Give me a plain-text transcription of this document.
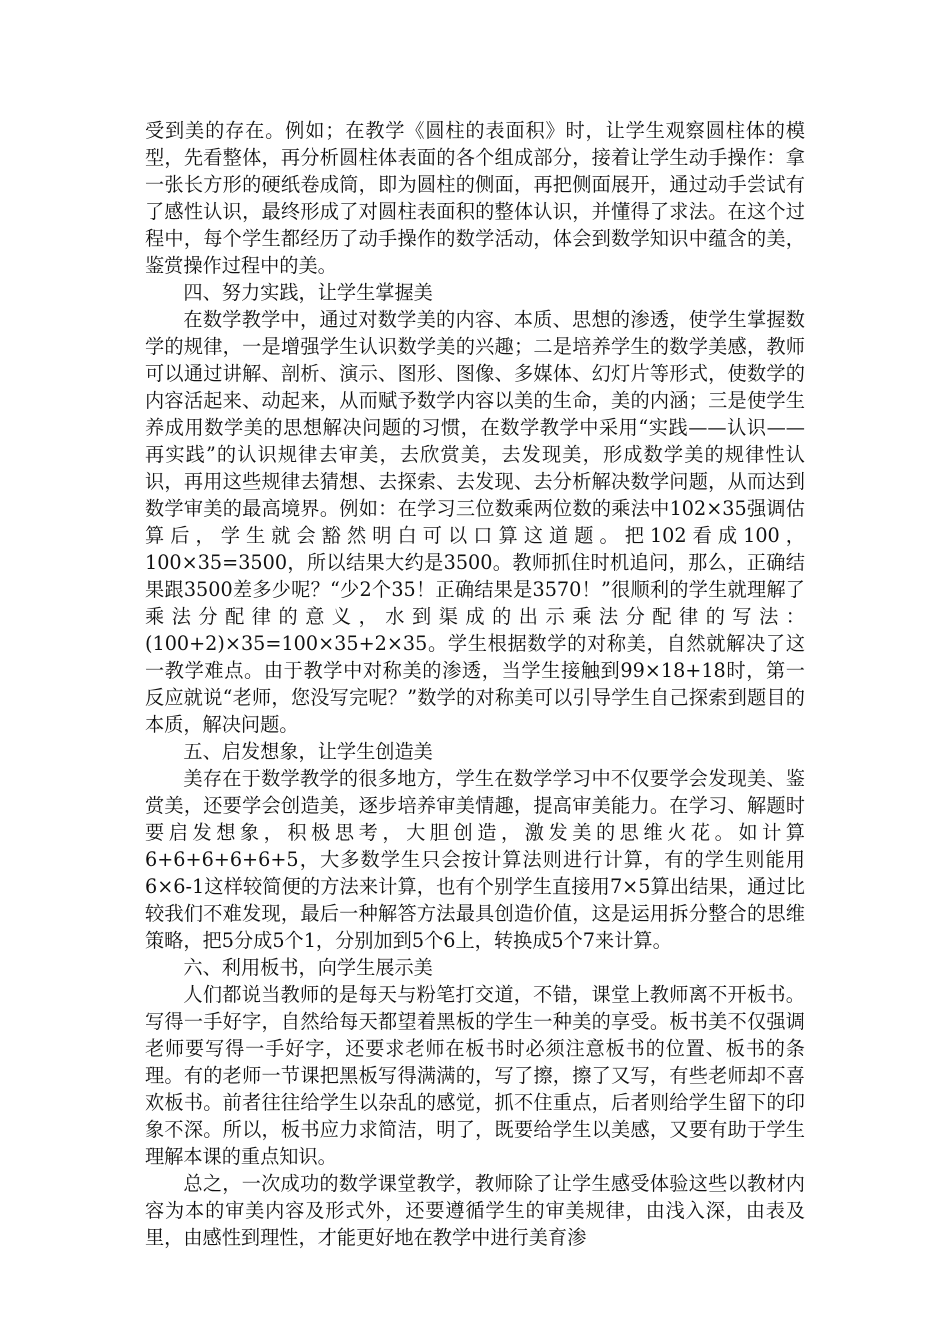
受到美的存在。例如；在教学《圆柱的表面积》时，让学生观察圆柱体的模型，先看整体，再分析圆柱体表面的各个组成部分，接着让学生动手操作：拿一张长方形的硬纸卷成筒，即为圆柱的侧面，再把侧面展开，通过动手尝试有了感性认识，最终形成了对圆柱表面积的整体认识，并懂得了求法。在这个过程中，每个学生都经历了动手操作的数学活动，体会到数学知识中蕴含的美，鉴赏操作过程中的美。

四、努力实践，让学生掌握美

在数学教学中，通过对数学美的内容、本质、思想的渗透，使学生掌握数学的规律，一是增强学生认识数学美的兴趣；二是培养学生的数学美感，教师可以通过讲解、剖析、演示、图形、图像、多媒体、幻灯片等形式，使数学的内容活起来、动起来，从而赋予数学内容以美的生命，美的内涵；三是使学生养成用数学美的思想解决问题的习惯，在数学教学中采用“实践——认识——再实践”的认识规律去审美，去欣赏美，去发现美，形成数学美的规律性认识，再用这些规律去猜想、去探索、去发现、去分析解决数学问题，从而达到数学审美的最高境界。例如：在学习三位数乘两位数的乘法中102×35强调估算后，学生就会豁然明白可以口算这道题。把102看成100，100×35=3500，所以结果大约是3500。教师抓住时机追问，那么，正确结果跟3500差多少呢？“少2个35！正确结果是3570！”很顺利的学生就理解了乘法分配律的意义，水到渠成的出示乘法分配律的写法：(100+2)×35=100×35+2×35。学生根据数学的对称美，自然就解决了这一教学难点。由于教学中对称美的渗透，当学生接触到99×18+18时，第一反应就说“老师，您没写完呢？”数学的对称美可以引导学生自己探索到题目的本质，解决问题。

五、启发想象，让学生创造美

美存在于数学教学的很多地方，学生在数学学习中不仅要学会发现美、鉴赏美，还要学会创造美，逐步培养审美情趣，提高审美能力。在学习、解题时要启发想象，积极思考，大胆创造，激发美的思维火花。如计算6+6+6+6+6+5，大多数学生只会按计算法则进行计算，有的学生则能用6×6-1这样较简便的方法来计算，也有个别学生直接用7×5算出结果，通过比较我们不难发现，最后一种解答方法最具创造价值，这是运用拆分整合的思维策略，把5分成5个1，分别加到5个6上，转换成5个7来计算。

六、利用板书，向学生展示美

人们都说当教师的是每天与粉笔打交道，不错，课堂上教师离不开板书。写得一手好字，自然给每天都望着黑板的学生一种美的享受。板书美不仅强调老师要写得一手好字，还要求老师在板书时必须注意板书的位置、板书的条理。有的老师一节课把黑板写得满满的，写了擦，擦了又写，有些老师却不喜欢板书。前者往往给学生以杂乱的感觉，抓不住重点，后者则给学生留下的印象不深。所以，板书应力求简洁，明了，既要给学生以美感，又要有助于学生理解本课的重点知识。

总之，一次成功的数学课堂教学，教师除了让学生感受体验这些以教材内容为本的审美内容及形式外，还要遵循学生的审美规律，由浅入深，由表及里，由感性到理性，才能更好地在教学中进行美育渗
